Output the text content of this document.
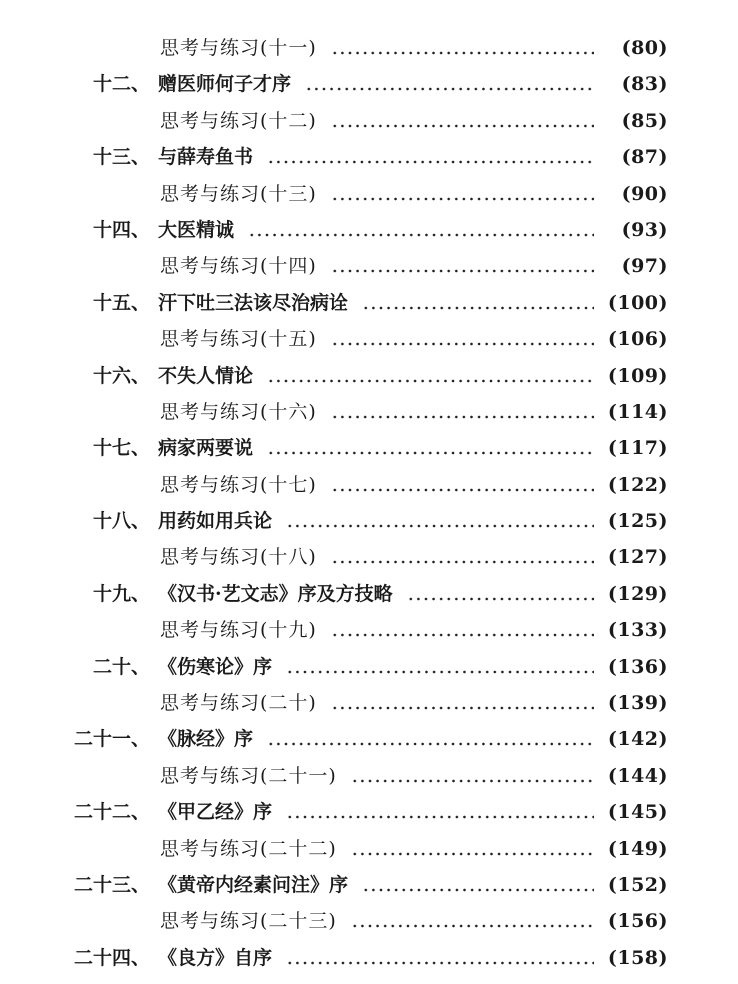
思考与练习(十一)	(80)
十二、 赠医师何子才序	(83)
思考与练习(十二)	(85)
十三、 与薛寿鱼书	(87)
思考与练习(十三)	(90)
十四、 大医精诚	(93)
思考与练习(十四)	(97)
十五、 汗下吐三法该尽治病诠	(100)
思考与练习(十五)	(106)
十六、 不失人情论	(109)
思考与练习(十六)	(114)
十七、 病家两要说	(117)
思考与练习(十七)	(122)
十八、 用药如用兵论	(125)
思考与练习(十八)	(127)
十九、 《汉书·艺文志》序及方技略	(129)
思考与练习(十九)	(133)
二十、 《伤寒论》序	(136)
思考与练习(二十)	(139)
二十一、 《脉经》序	(142)
思考与练习(二十一)	(144)
二十二、 《甲乙经》序	(145)
思考与练习(二十二)	(149)
二十三、 《黄帝内经素问注》序	(152)
思考与练习(二十三)	(156)
二十四、 《良方》自序	(158)
